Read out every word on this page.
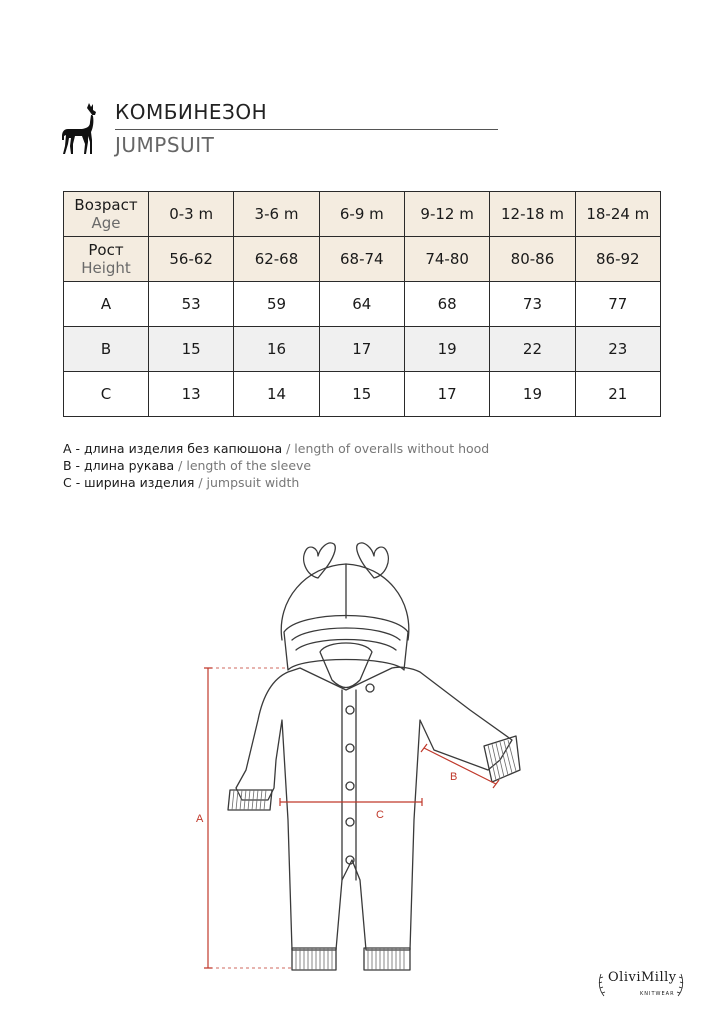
КОМБИНЕЗОН
JUMPSUIT
Возраст
Age	0-3 m	3-6 m	6-9 m	9-12 m	12-18 m	18-24 m

Рост
Height	56-62	62-68	68-74	74-80	80-86	86-92
A	53	59	64	68	73	77
B	15	16	17	19	22	23
C	13	14	15	17	19	21
A - длина изделия без капюшона / length of overalls without hood
B - длина рукава / length of the sleeve
C - ширина изделия / jumpsuit width
A
B
C
OliviMilly
KNITWEAR
